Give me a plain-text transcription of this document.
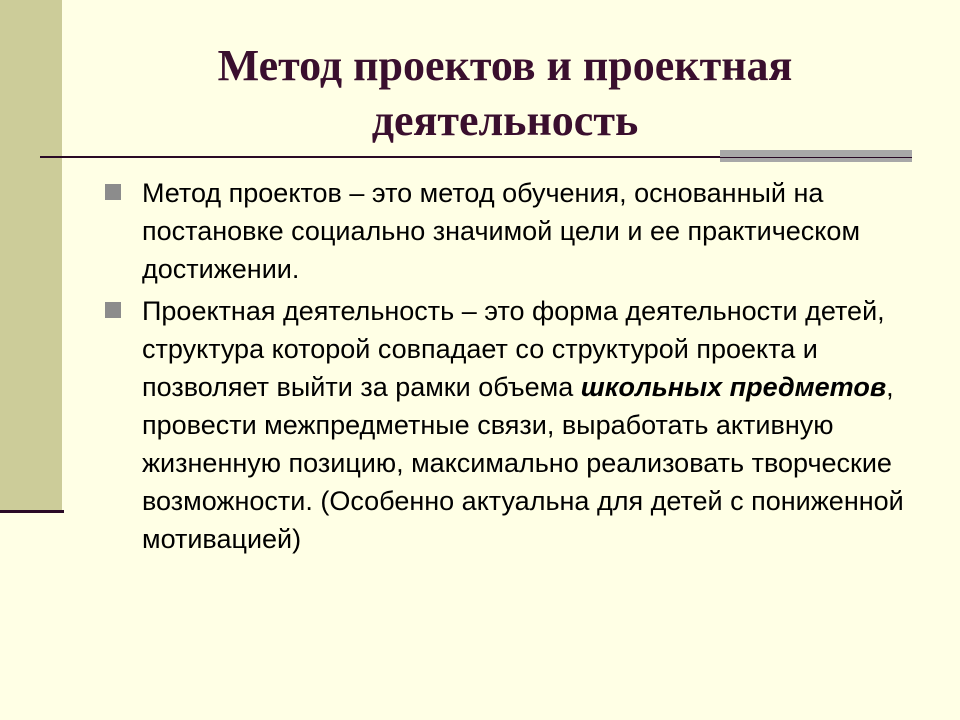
Метод проектов и проектная деятельность
Метод проектов – это метод обучения, основанный на постановке социально значимой цели и ее практическом достижении.
Проектная деятельность – это форма деятельности детей, структура которой совпадает со структурой проекта и позволяет выйти за рамки объема школьных предметов, провести межпредметные связи, выработать активную жизненную позицию, максимально реализовать творческие возможности. (Особенно актуальна для детей с пониженной мотивацией)
